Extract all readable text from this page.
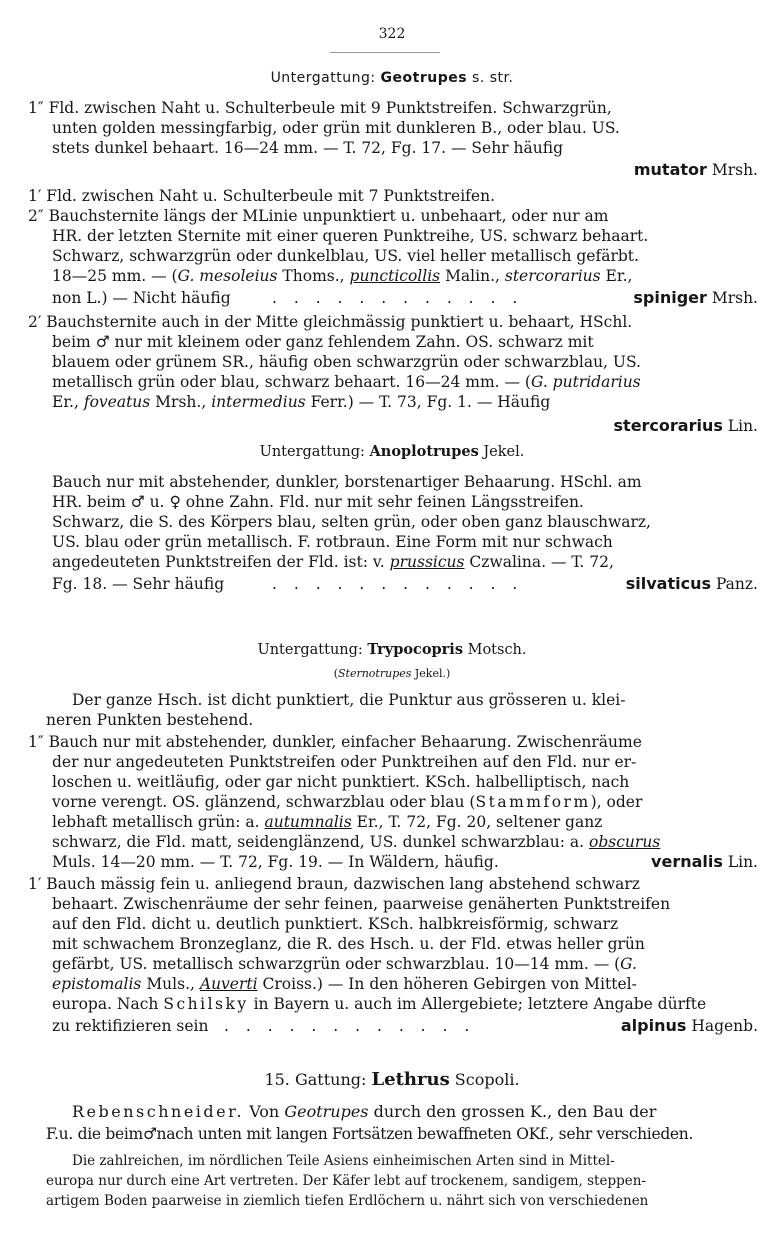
322
Untergattung: Geotrupes s. str.
1″ Fld. zwischen Naht u. Schulterbeule mit 9 Punktstreifen. Schwarzgrün,
unten golden messingfarbig, oder grün mit dunkleren B., oder blau. US.
stets dunkel behaart. 16—24 mm. — T. 72, Fg. 17. — Sehr häufig
mutator Mrsh.
1′ Fld. zwischen Naht u. Schulterbeule mit 7 Punktstreifen.
2″ Bauchsternite längs der MLinie unpunktiert u. unbehaart, oder nur am
HR. der letzten Sternite mit einer queren Punktreihe, US. schwarz behaart.
Schwarz, schwarzgrün oder dunkelblau, US. viel heller metallisch gefärbt.
18—25 mm. — (G. mesoleius Thoms., puncticollis Malin., stercorarius Er.,
non L.) — Nicht häufig	. . . . . . . . . . . .	spiniger Mrsh.
2′ Bauchsternite auch in der Mitte gleichmässig punktiert u. behaart, HSchl.
beim ♂ nur mit kleinem oder ganz fehlendem Zahn. OS. schwarz mit
blauem oder grünem SR., häufig oben schwarzgrün oder schwarzblau, US.
metallisch grün oder blau, schwarz behaart. 16—24 mm. — (G. putridarius
Er., foveatus Mrsh., intermedius Ferr.) — T. 73, Fg. 1. — Häufig
stercorarius Lin.
Untergattung: Anoplotrupes Jekel.
Bauch nur mit abstehender, dunkler, borstenartiger Behaarung. HSchl. am
HR. beim ♂ u. ♀ ohne Zahn. Fld. nur mit sehr feinen Längsstreifen.
Schwarz, die S. des Körpers blau, selten grün, oder oben ganz blauschwarz,
US. blau oder grün metallisch. F. rotbraun. Eine Form mit nur schwach
angedeuteten Punktstreifen der Fld. ist: v. prussicus Czwalina. — T. 72,
Fg. 18. — Sehr häufig	. . . . . . . . . . . .	silvaticus Panz.
Untergattung: Trypocopris Motsch.
(Sternotrupes Jekel.)
Der ganze Hsch. ist dicht punktiert, die Punktur aus grösseren u. klei-
neren Punkten bestehend.
1″ Bauch nur mit abstehender, dunkler, einfacher Behaarung. Zwischenräume
der nur angedeuteten Punktstreifen oder Punktreihen auf den Fld. nur er-
loschen u. weitläufig, oder gar nicht punktiert. KSch. halbelliptisch, nach
vorne verengt. OS. glänzend, schwarzblau oder blau (Stammform), oder
lebhaft metallisch grün: a. autumnalis Er., T. 72, Fg. 20, seltener ganz
schwarz, die Fld. matt, seidenglänzend, US. dunkel schwarzblau: a. obscurus
Muls. 14—20 mm. — T. 72, Fg. 19. — In Wäldern, häufig.	vernalis Lin.
1′ Bauch mässig fein u. anliegend braun, dazwischen lang abstehend schwarz
behaart. Zwischenräume der sehr feinen, paarweise genäherten Punktstreifen
auf den Fld. dicht u. deutlich punktiert. KSch. halbkreisförmig, schwarz
mit schwachem Bronzeglanz, die R. des Hsch. u. der Fld. etwas heller grün
gefärbt, US. metallisch schwarzgrün oder schwarzblau. 10—14 mm. — (G.
epistomalis Muls., Auverti Croiss.) — In den höheren Gebirgen von Mittel-
europa. Nach Schilsky in Bayern u. auch im Allergebiete; letztere Angabe dürfte
zu rektifizieren sein . . . . . . . . . . . .	alpinus Hagenb.
15. Gattung: Lethrus Scopoli.
Rebenschneider. Von Geotrupes durch den grossen K., den Bau der
F.u. die beim♂nach unten mit langen Fortsätzen bewaffneten OKf., sehr verschieden.
Die zahlreichen, im nördlichen Teile Asiens einheimischen Arten sind in Mittel-
europa nur durch eine Art vertreten. Der Käfer lebt auf trockenem, sandigem, steppen-
artigem Boden paarweise in ziemlich tiefen Erdlöchern u. nährt sich von verschiedenen
